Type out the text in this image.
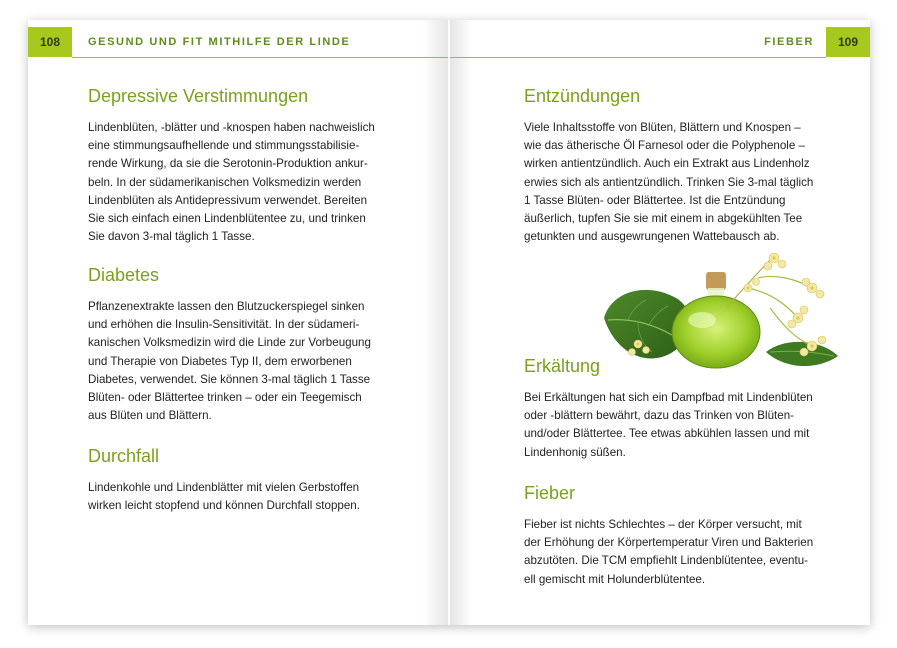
108	GESUND UND FIT MITHILFE DER LINDE
Depressive Verstimmungen

Lindenblüten, -blätter und -knospen haben nachweislich
eine stimmungsaufhellende und stimmungsstabilisie-
rende Wirkung, da sie die Serotonin-Produktion ankur-
beln. In der südamerikanischen Volksmedizin werden
Lindenblüten als Antidepressivum verwendet. Bereiten
Sie sich einfach einen Lindenblütentee zu, und trinken
Sie davon 3-mal täglich 1 Tasse.

Diabetes

Pflanzenextrakte lassen den Blutzuckerspiegel sinken
und erhöhen die Insulin-Sensitivität. In der südameri-
kanischen Volksmedizin wird die Linde zur Vorbeugung
und Therapie von Diabetes Typ II, dem erworbenen
Diabetes, verwendet. Sie können 3-mal täglich 1 Tasse
Blüten- oder Blättertee trinken – oder ein Teegemisch
aus Blüten und Blättern.

Durchfall

Lindenkohle und Lindenblätter mit vielen Gerbstoffen
wirken leicht stopfend und können Durchfall stoppen.

109
FIEBER
Entzündungen

Viele Inhaltsstoffe von Blüten, Blättern und Knospen –
wie das ätherische Öl Farnesol oder die Polyphenole –
wirken antientzündlich. Auch ein Extrakt aus Lindenholz
erwies sich als antientzündlich. Trinken Sie 3-mal täglich
1 Tasse Blüten- oder Blättertee. Ist die Entzündung
äußerlich, tupfen Sie sie mit einem in abgekühlten Tee
getunkten und ausgewrungenen Wattebausch ab.

Erkältung

Bei Erkältungen hat sich ein Dampfbad mit Lindenblüten
oder -blättern bewährt, dazu das Trinken von Blüten-
und/oder Blättertee. Tee etwas abkühlen lassen und mit
Lindenhonig süßen.

Fieber

Fieber ist nichts Schlechtes – der Körper versucht, mit
der Erhöhung der Körpertemperatur Viren und Bakterien
abzutöten. Die TCM empfiehlt Lindenblütentee, eventu-
ell gemischt mit Holunderblütentee.
